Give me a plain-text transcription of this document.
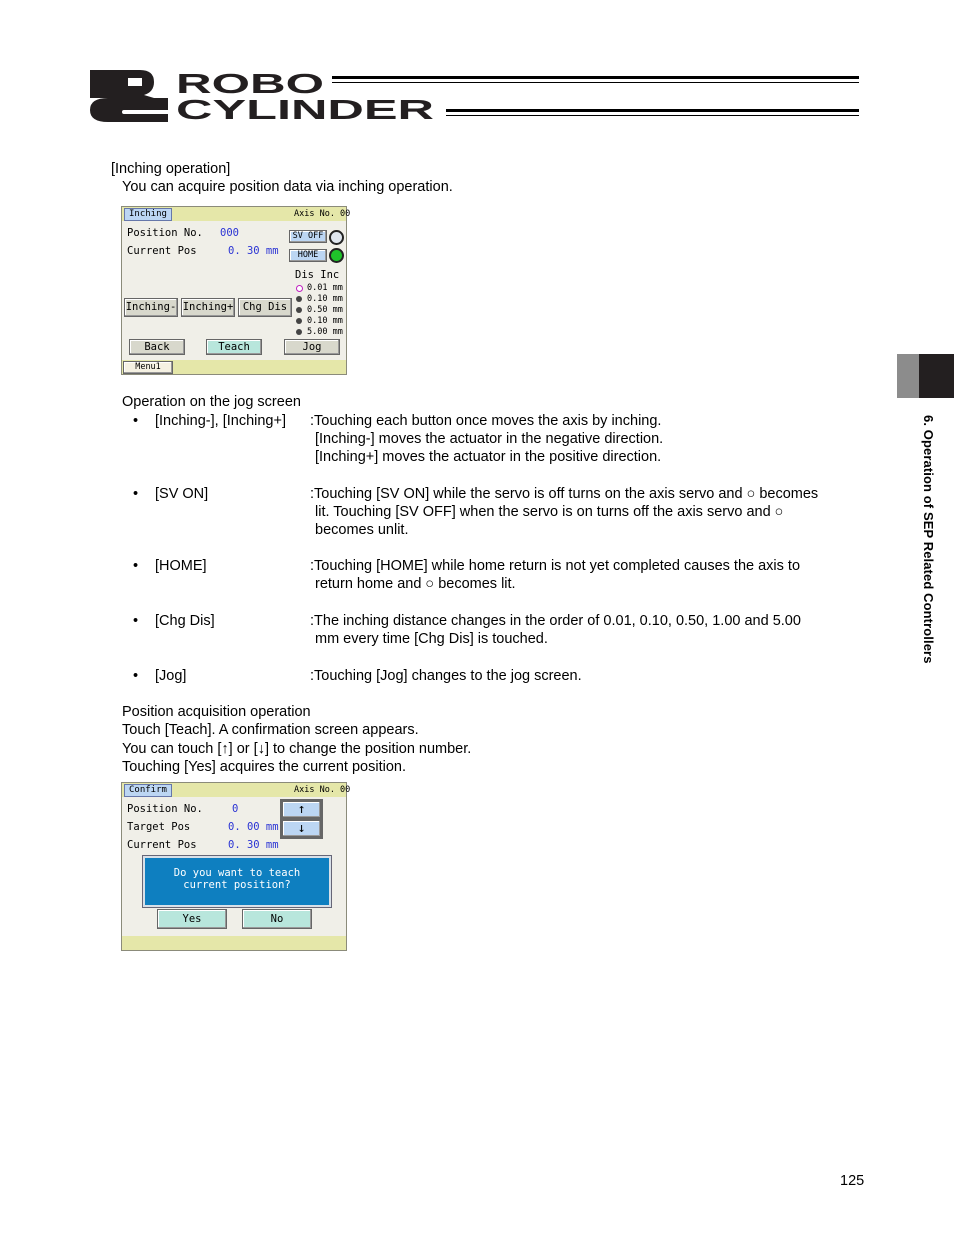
ROBO
CYLINDER
6. Operation of SEP Related Controllers
[Inching operation]
You can acquire position data via inching operation.
Inching	Axis No. 00
Position No. 000
Current Pos	0. 30 mm
SV OFF
HOME
Dis Inc
0.01 mm
0.10 mm
0.50 mm
0.10 mm
5.00 mm
Inching- Inching+ Chg Dis
Back	Teach	Jog
Menu1
Operation on the jog screen
• [Inching-], [Inching+] :Touching each button once moves the axis by inching.
[Inching-] moves the actuator in the negative direction.
[Inching+] moves the actuator in the positive direction.
• [SV ON]	:Touching [SV ON] while the servo is off turns on the axis servo and ○ becomes
lit. Touching [SV OFF] when the servo is on turns off the axis servo and ○
becomes unlit.
• [HOME]	:Touching [HOME] while home return is not yet completed causes the axis to
return home and ○ becomes lit.
• [Chg Dis]	:The inching distance changes in the order of 0.01, 0.10, 0.50, 1.00 and 5.00
mm every time [Chg Dis] is touched.
• [Jog]	:Touching [Jog] changes to the jog screen.
Position acquisition operation
Touch [Teach]. A confirmation screen appears.
You can touch [↑] or [↓] to change the position number.
Touching [Yes] acquires the current position.
Confirm	Axis No. 00
Position No.	0
Target Pos	0. 00 mm
Current Pos	0. 30 mm
↑
↓
Do you want to teach
current position?
Yes	No
125
